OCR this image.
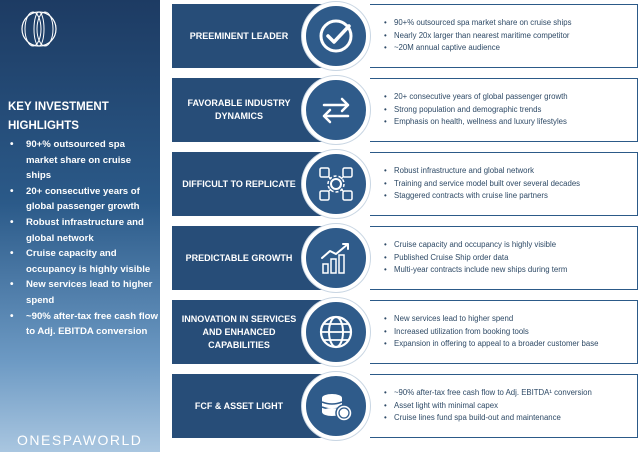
KEY INVESTMENT HIGHLIGHTS
• 90+% outsourced spa market share on cruise ships
• 20+ consecutive years of global passenger growth
• Robust infrastructure and global network
• Cruise capacity and occupancy is highly visible
• New services lead to higher spend
• ~90% after-tax free cash flow to Adj. EBITDA conversion
ONESPAWORLD
PREEMINENT LEADER
• 90+% outsourced spa market share on cruise ships
• Nearly 20x larger than nearest maritime competitor
• ~20M annual captive audience
FAVORABLE INDUSTRY DYNAMICS
• 20+ consecutive years of global passenger growth
• Strong population and demographic trends
• Emphasis on health, wellness and luxury lifestyles
DIFFICULT TO REPLICATE
• Robust infrastructure and global network
• Training and service model built over several decades
• Staggered contracts with cruise line partners
PREDICTABLE GROWTH
• Cruise capacity and occupancy is highly visible
• Published Cruise Ship order data
• Multi-year contracts include new ships during term
INNOVATION IN SERVICES AND ENHANCED CAPABILITIES
• New services lead to higher spend
• Increased utilization from booking tools
• Expansion in offering to appeal to a broader customer base
FCF & ASSET LIGHT
• ~90% after-tax free cash flow to Adj. EBITDA¹ conversion
• Asset light with minimal capex
• Cruise lines fund spa build-out and maintenance
